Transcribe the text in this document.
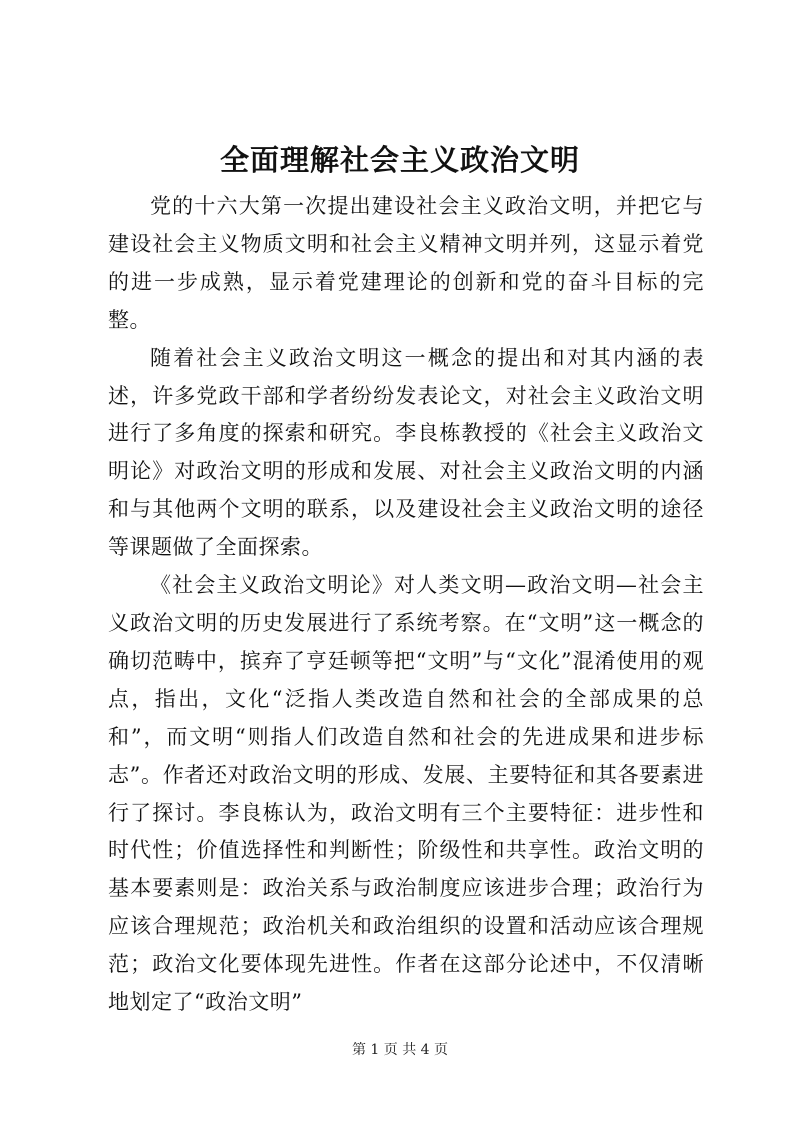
全面理解社会主义政治文明

党的十六大第一次提出建设社会主义政治文明，并把它与建设社会主义物质文明和社会主义精神文明并列，这显示着党的进一步成熟，显示着党建理论的创新和党的奋斗目标的完整。

随着社会主义政治文明这一概念的提出和对其内涵的表述，许多党政干部和学者纷纷发表论文，对社会主义政治文明进行了多角度的探索和研究。李良栋教授的《社会主义政治文明论》对政治文明的形成和发展、对社会主义政治文明的内涵和与其他两个文明的联系，以及建设社会主义政治文明的途径等课题做了全面探索。

《社会主义政治文明论》对人类文明—政治文明—社会主义政治文明的历史发展进行了系统考察。在“文明”这一概念的确切范畴中，摈弃了亨廷顿等把“文明”与“文化”混淆使用的观点，指出，文化“泛指人类改造自然和社会的全部成果的总和”，而文明“则指人们改造自然和社会的先进成果和进步标志”。作者还对政治文明的形成、发展、主要特征和其各要素进行了探讨。李良栋认为，政治文明有三个主要特征：进步性和时代性；价值选择性和判断性；阶级性和共享性。政治文明的基本要素则是：政治关系与政治制度应该进步合理；政治行为应该合理规范；政治机关和政治组织的设置和活动应该合理规范；政治文化要体现先进性。作者在这部分论述中，不仅清晰地划定了“政治文明”

第 1 页 共 4 页
